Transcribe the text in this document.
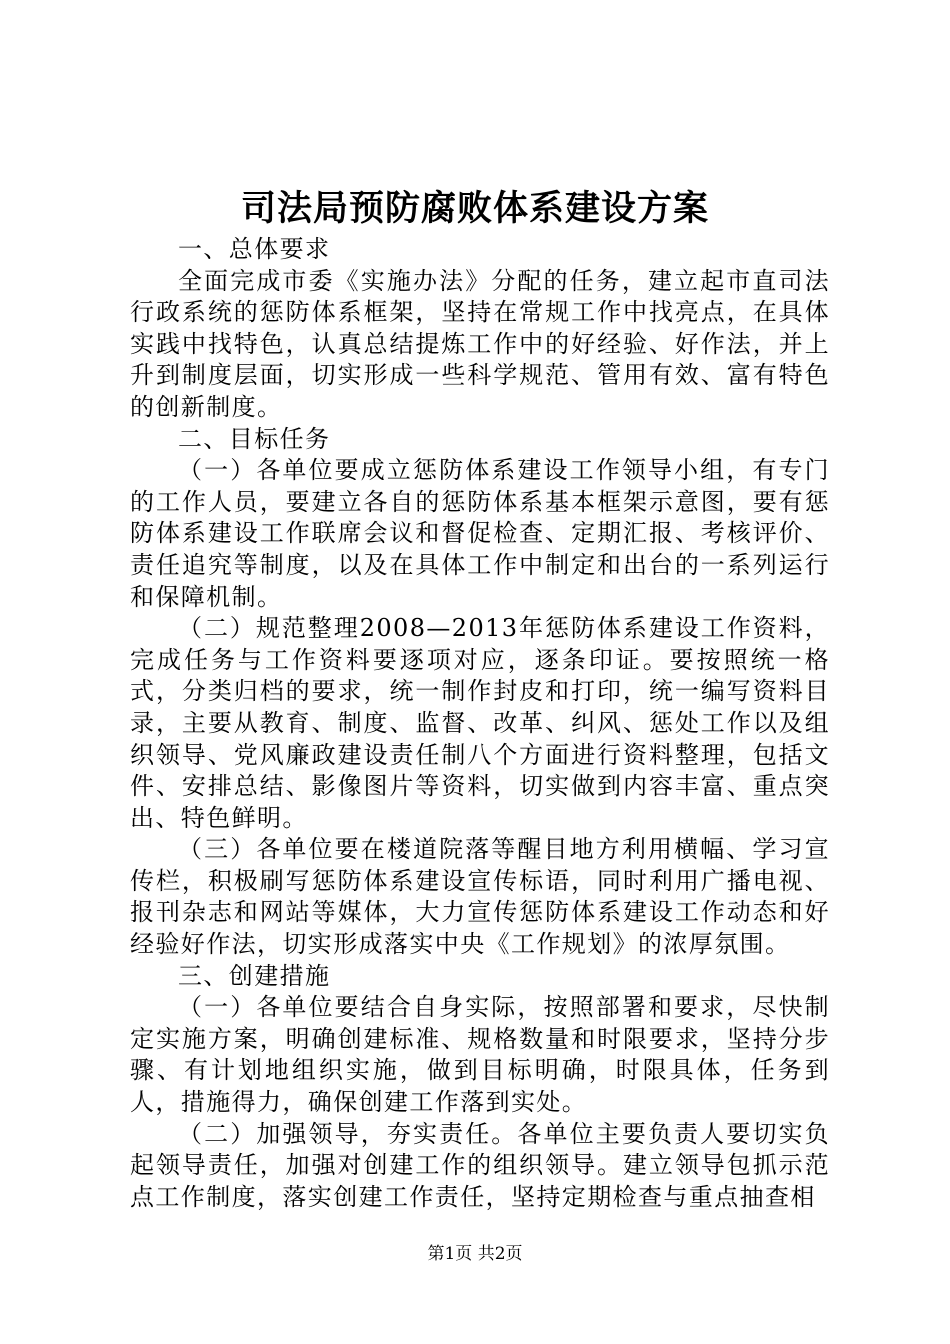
司法局预防腐败体系建设方案

一、总体要求

全面完成市委《实施办法》分配的任务，建立起市直司法行政系统的惩防体系框架，坚持在常规工作中找亮点，在具体实践中找特色，认真总结提炼工作中的好经验、好作法，并上升到制度层面，切实形成一些科学规范、管用有效、富有特色的创新制度。

二、目标任务

（一）各单位要成立惩防体系建设工作领导小组，有专门的工作人员，要建立各自的惩防体系基本框架示意图，要有惩防体系建设工作联席会议和督促检查、定期汇报、考核评价、责任追究等制度，以及在具体工作中制定和出台的一系列运行和保障机制。

（二）规范整理2008—2013年惩防体系建设工作资料，完成任务与工作资料要逐项对应，逐条印证。要按照统一格式，分类归档的要求，统一制作封皮和打印，统一编写资料目录，主要从教育、制度、监督、改革、纠风、惩处工作以及组织领导、党风廉政建设责任制八个方面进行资料整理，包括文件、安排总结、影像图片等资料，切实做到内容丰富、重点突出、特色鲜明。

（三）各单位要在楼道院落等醒目地方利用横幅、学习宣传栏，积极刷写惩防体系建设宣传标语，同时利用广播电视、报刊杂志和网站等媒体，大力宣传惩防体系建设工作动态和好经验好作法，切实形成落实中央《工作规划》的浓厚氛围。

三、创建措施

（一）各单位要结合自身实际，按照部署和要求，尽快制定实施方案，明确创建标准、规格数量和时限要求，坚持分步骤、有计划地组织实施，做到目标明确，时限具体，任务到人，措施得力，确保创建工作落到实处。

（二）加强领导，夯实责任。各单位主要负责人要切实负起领导责任，加强对创建工作的组织领导。建立领导包抓示范点工作制度，落实创建工作责任，坚持定期检查与重点抽查相

第1页 共2页
